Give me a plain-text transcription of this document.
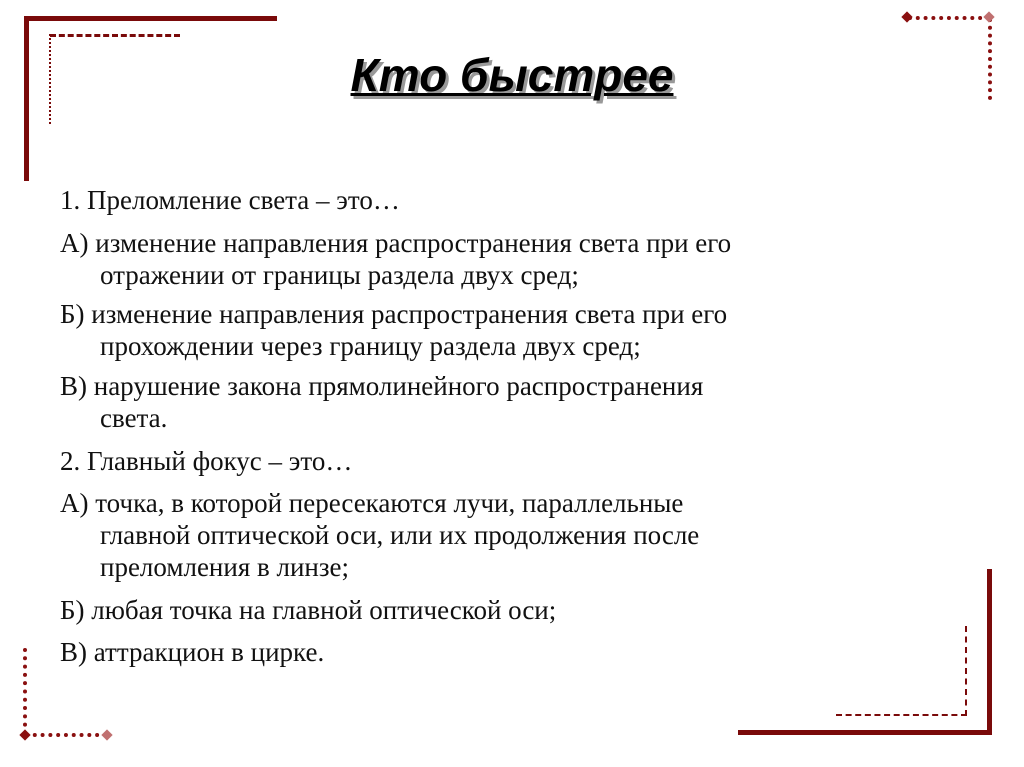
Кто быстрее
1. Преломление света – это…
А) изменение направления распространения света при его
отражении от границы раздела двух сред;
Б) изменение направления распространения света при его
прохождении через границу раздела двух сред;
В) нарушение закона прямолинейного распространения
света.
2. Главный фокус – это…
А) точка, в которой пересекаются лучи, параллельные
главной оптической оси, или их продолжения после
преломления в линзе;
Б) любая точка на главной оптической оси;
В) аттракцион в цирке.
